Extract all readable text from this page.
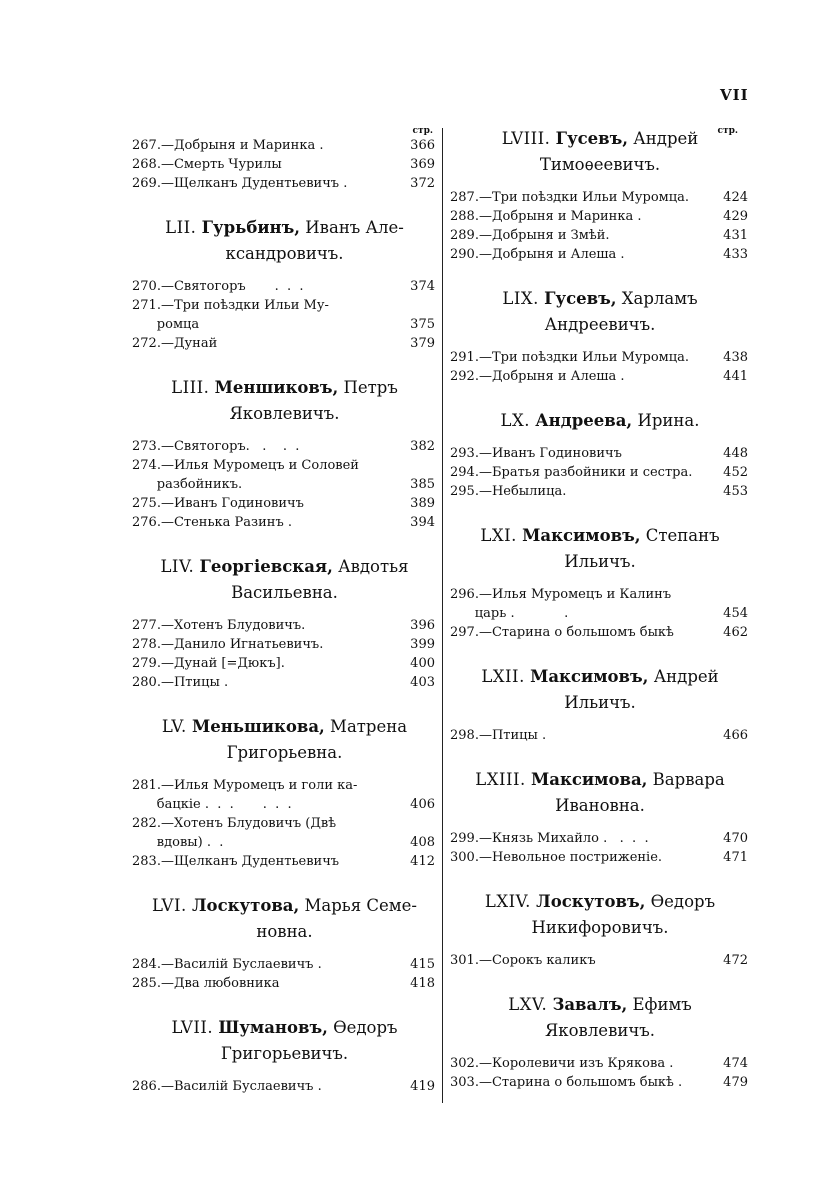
VII
стр.
267.—Добрыня и Маринка .	366
268.—Смерть Чурилы	369
269.—Щелканъ Дудентьевичъ .	372
LII. Гурьбинъ, Иванъ Але-ксандровичъ.
270.—Святогоръ       .  .  .	374
271.—Три поѣздки Ильи Му-
ромца	375
272.—Дунай	379
LIII. Меншиковъ, Петръ Яковлевичъ.
273.—Святогоръ.   .    .  .	382
274.—Илья Муромецъ и Соловей
разбойникъ.	385
275.—Иванъ Годиновичъ	389
276.—Стенька Разинъ .	394
LIV. Георгіевская, Авдотья Васильевна.
277.—Хотенъ Блудовичъ.	396
278.—Данило Игнатьевичъ.	399
279.—Дунай [=Дюкъ].	400
280.—Птицы .	403
LV. Меньшикова, Матрена Григорьевна.
281.—Илья Муромецъ и голи ка-
бацкіе .  .  .       .  .  .	406
282.—Хотенъ Блудовичъ (Двѣ
вдовы) .  .	408
283.—Щелканъ Дудентьевичъ	412
LVI. Лоскутова, Марья Семе-новна.
284.—Василій Буслаевичъ .	415
285.—Два любовника	418
LVII. Шумановъ, Ѳедоръ Григорьевичъ.
286.—Василій Буслаевичъ .	419
стр.
LVIII. Гусевъ, Андрей Тимоѳеевичъ.
287.—Три поѣздки Ильи Муромца.	424
288.—Добрыня и Маринка .	429
289.—Добрыня и Змѣй.	431
290.—Добрыня и Алеша .	433
LIX. Гусевъ, Харламъ Андреевичъ.
291.—Три поѣздки Ильи Муромца.	438
292.—Добрыня и Алеша .	441
LX. Андреева, Ирина.
293.—Иванъ Годиновичъ	448
294.—Братья разбойники и сестра.	452
295.—Небылица.	453
LXI. Максимовъ, Степанъ Ильичъ.
296.—Илья Муромецъ и Калинъ
царь .            .	454
297.—Старина о большомъ быкѣ	462
LXII. Максимовъ, Андрей Ильичъ.
298.—Птицы .	466
LXIII. Максимова, Варвара Ивановна.
299.—Князь Михайло .   .  .  .	470
300.—Невольное постриженіе.	471
LXIV. Лоскутовъ, Ѳедоръ Никифоровичъ.
301.—Сорокъ каликъ	472
LXV. Завалъ, Ефимъ Яковлевичъ.
302.—Королевичи изъ Крякова .	474
303.—Старина о большомъ быкѣ .	479
